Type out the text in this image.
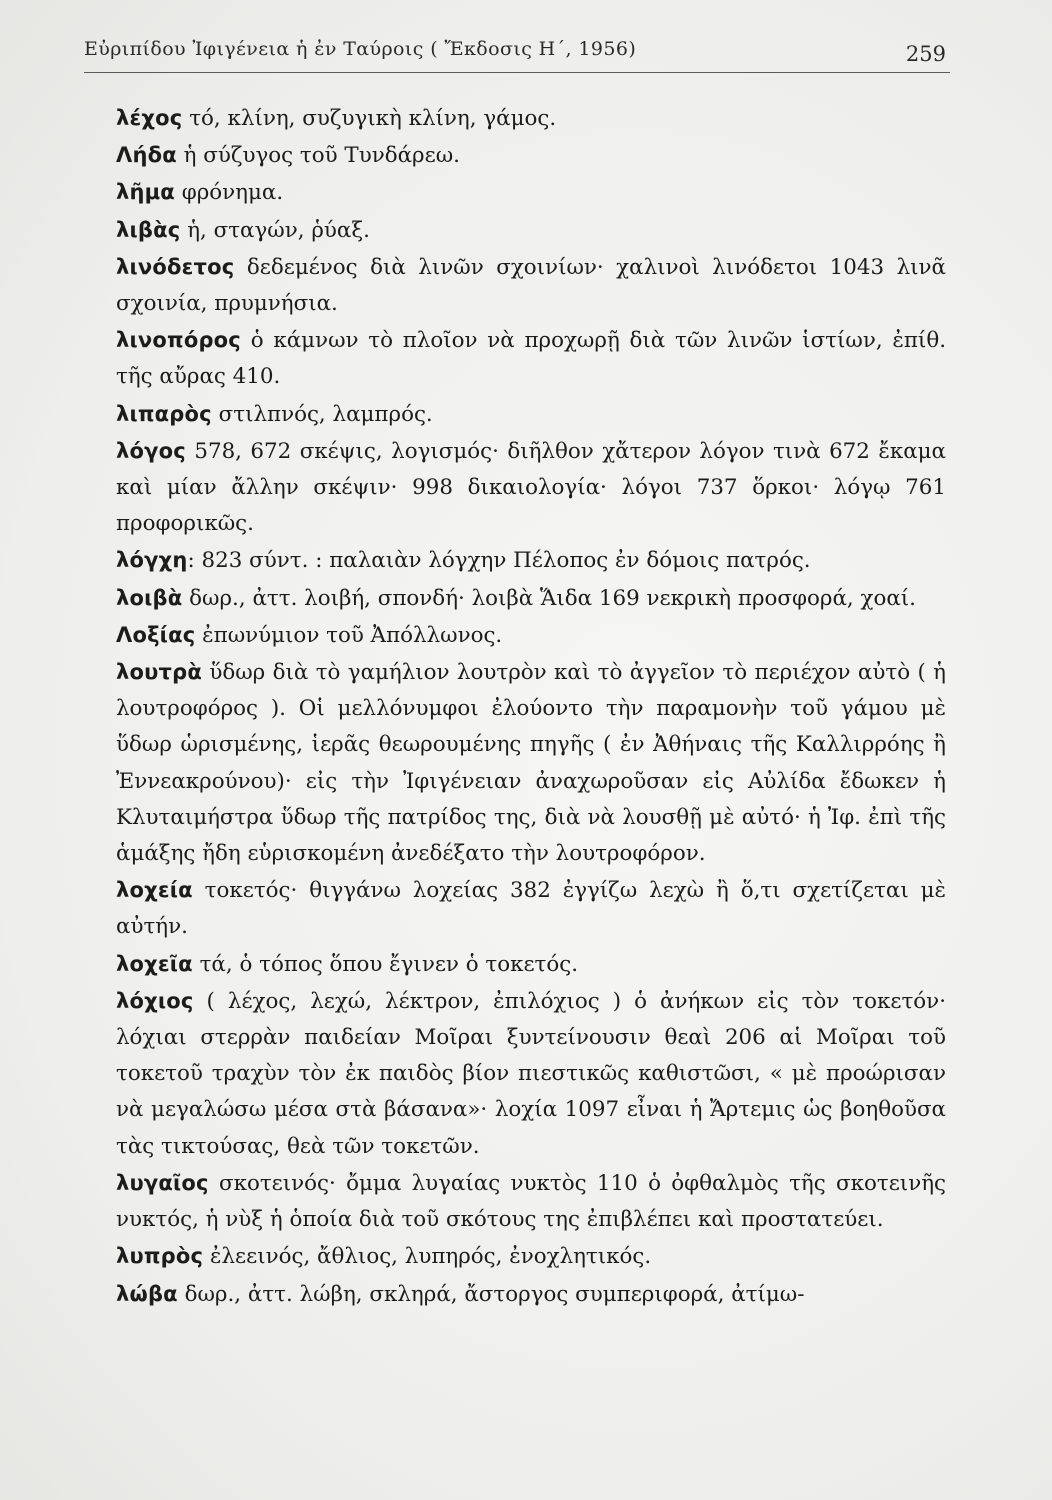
Εὐριπίδου Ἰφιγένεια ἡ ἐν Ταύροις ( Ἔκδοσις Η΄, 1956)	259
λέχος τό, κλίνη, συζυγικὴ κλίνη, γάμος.
Λήδα ἡ σύζυγος τοῦ Τυνδάρεω.
λῆμα φρόνημα.
λιβὰς ἡ, σταγών, ῥύαξ.
λινόδετος δεδεμένος διὰ λινῶν σχοινίων· χαλινοὶ λινόδετοι 1043 λινᾶ σχοινία, πρυμνήσια.
λινοπόρος ὁ κάμνων τὸ πλοῖον νὰ προχωρῇ διὰ τῶν λινῶν ἱστίων, ἐπίθ. τῆς αὔρας 410.
λιπαρὸς στιλπνός, λαμπρός.
λόγος 578, 672 σκέψις, λογισμός· διῆλθον χἄτερον λόγον τινὰ 672 ἔκαμα καὶ μίαν ἄλλην σκέψιν· 998 δικαιολογία· λόγοι 737 ὅρκοι· λόγῳ 761 προφορικῶς.
λόγχη: 823 σύντ. : παλαιὰν λόγχην Πέλοπος ἐν δόμοις πατρός.
λοιβὰ δωρ., ἀττ. λοιβή, σπονδή· λοιβὰ Ἅιδα 169 νεκρικὴ προσφορά, χοαί.
Λοξίας ἐπωνύμιον τοῦ Ἀπόλλωνος.
λουτρὰ ὕδωρ διὰ τὸ γαμήλιον λουτρὸν καὶ τὸ ἀγγεῖον τὸ περιέχον αὐτὸ ( ἡ λουτροφόρος ). Οἱ μελλόνυμφοι ἐλούοντο τὴν παραμονὴν τοῦ γάμου μὲ ὕδωρ ὡρισμένης, ἱερᾶς θεωρουμένης πηγῆς ( ἐν Ἀθήναις τῆς Καλλιρρόης ἢ Ἐννεακρούνου)· εἰς τὴν Ἰφιγένειαν ἀναχωροῦσαν εἰς Αὐλίδα ἔδωκεν ἡ Κλυταιμήστρα ὕδωρ τῆς πατρίδος της, διὰ νὰ λουσθῇ μὲ αὐτό· ἡ Ἰφ. ἐπὶ τῆς ἁμάξης ἤδη εὑρισκομένη ἀνεδέξατο τὴν λουτροφόρον.
λοχεία τοκετός· θιγγάνω λοχείας 382 ἐγγίζω λεχὼ ἢ ὅ,τι σχετίζεται μὲ αὐτήν.
λοχεῖα τά, ὁ τόπος ὅπου ἔγινεν ὁ τοκετός.
λόχιος ( λέχος, λεχώ, λέκτρον, ἐπιλόχιος ) ὁ ἀνήκων εἰς τὸν τοκετόν· λόχιαι στερρὰν παιδείαν Μοῖραι ξυντείνουσιν θεαὶ 206 αἱ Μοῖραι τοῦ τοκετοῦ τραχὺν τὸν ἐκ παιδὸς βίον πιεστικῶς καθιστῶσι, « μὲ προώρισαν νὰ μεγαλώσω μέσα στὰ βάσανα»· λοχία 1097 εἶναι ἡ Ἄρτεμις ὡς βοηθοῦσα τὰς τικτούσας, θεὰ τῶν τοκετῶν.
λυγαῖος σκοτεινός· ὄμμα λυγαίας νυκτὸς 110 ὁ ὀφθαλμὸς τῆς σκοτεινῆς νυκτός, ἡ νὺξ ἡ ὁποία διὰ τοῦ σκότους της ἐπιβλέπει καὶ προστατεύει.
λυπρὸς ἐλεεινός, ἄθλιος, λυπηρός, ἐνοχλητικός.
λώβα δωρ., ἀττ. λώβη, σκληρά, ἄστοργος συμπεριφορά, ἀτίμω-
